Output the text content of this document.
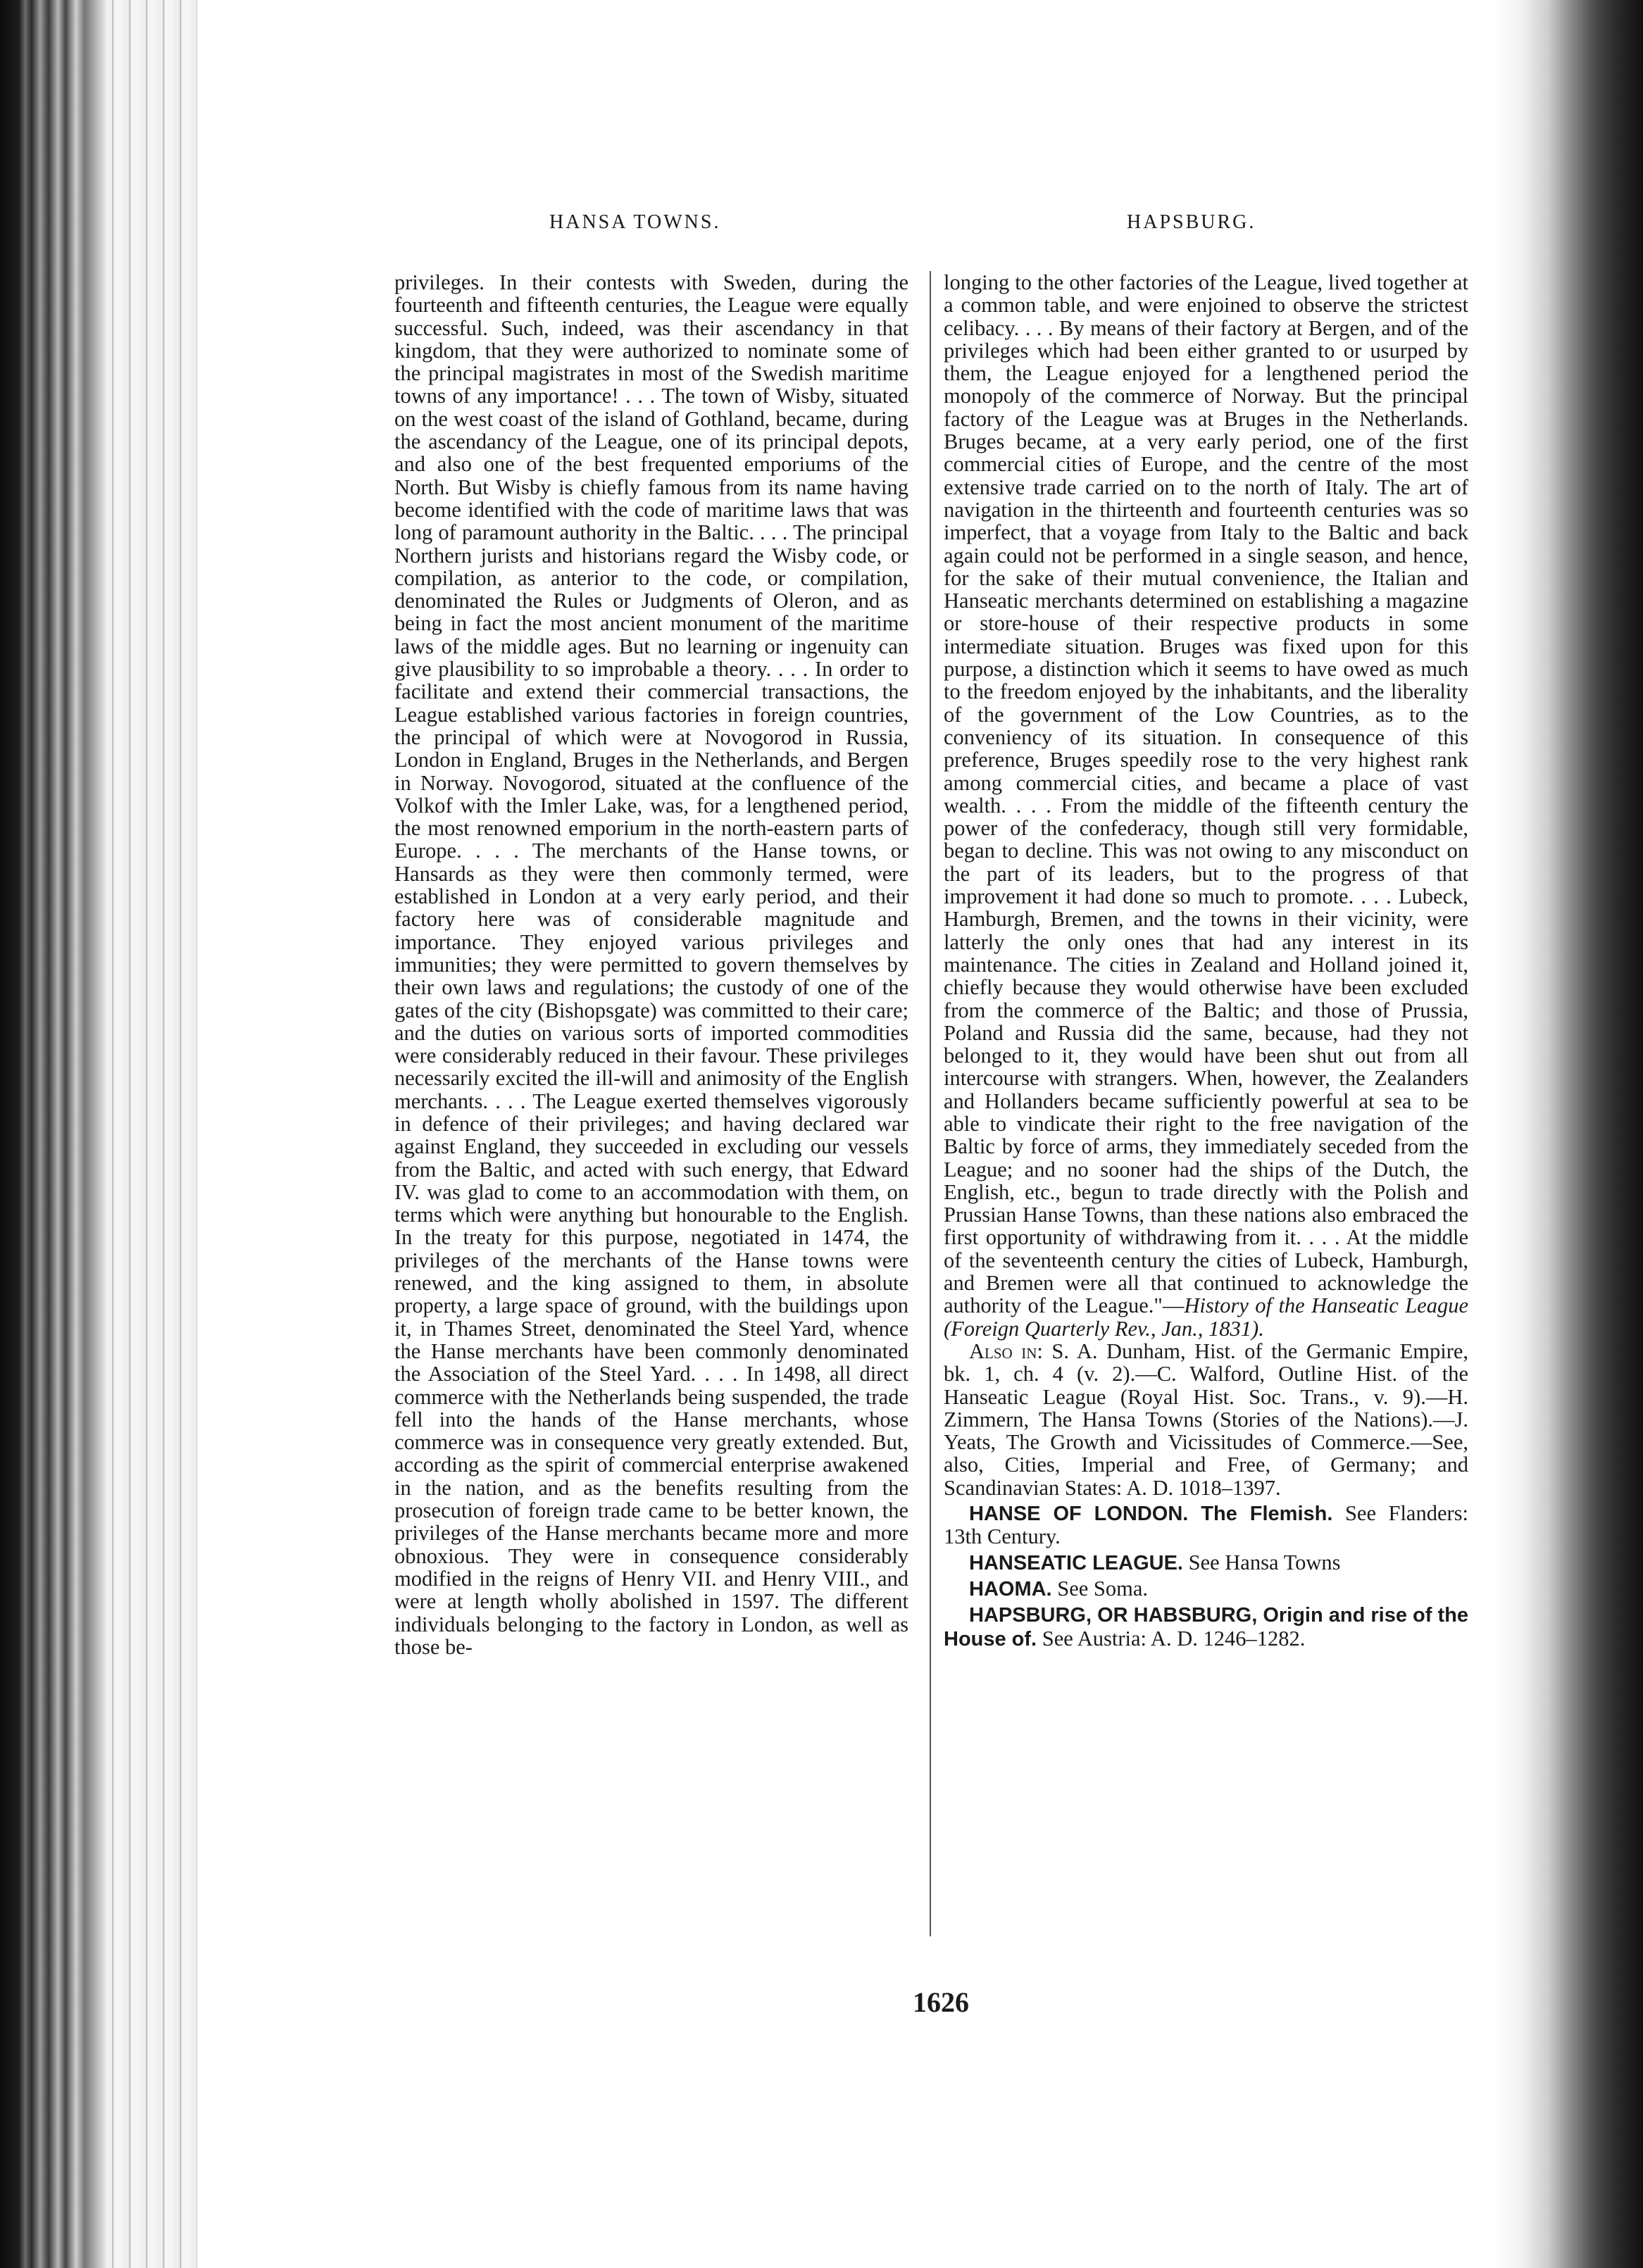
HANSA TOWNS.	HAPSBURG.

privileges. In their contests with Sweden, during the fourteenth and fifteenth centuries, the League were equally successful. Such, indeed, was their ascendancy in that kingdom, that they were authorized to nominate some of the principal magistrates in most of the Swedish maritime towns of any importance! . . . The town of Wisby, situated on the west coast of the island of Gothland, became, during the ascendancy of the League, one of its principal depots, and also one of the best frequented emporiums of the North. But Wisby is chiefly famous from its name having become identified with the code of maritime laws that was long of paramount authority in the Baltic. . . . The principal Northern jurists and historians regard the Wisby code, or compilation, as anterior to the code, or compilation, denominated the Rules or Judgments of Oleron, and as being in fact the most ancient monument of the maritime laws of the middle ages. But no learning or ingenuity can give plausibility to so improbable a theory. . . . In order to facilitate and extend their commercial transactions, the League established various factories in foreign countries, the principal of which were at Novogorod in Russia, London in England, Bruges in the Netherlands, and Bergen in Norway. Novogorod, situated at the confluence of the Volkof with the Imler Lake, was, for a lengthened period, the most renowned emporium in the north-eastern parts of Europe. . . . The merchants of the Hanse towns, or Hansards as they were then commonly termed, were established in London at a very early period, and their factory here was of considerable magnitude and importance. They enjoyed various privileges and immunities; they were permitted to govern themselves by their own laws and regulations; the custody of one of the gates of the city (Bishopsgate) was committed to their care; and the duties on various sorts of imported commodities were considerably reduced in their favour. These privileges necessarily excited the ill-will and animosity of the English merchants. . . . The League exerted themselves vigorously in defence of their privileges; and having declared war against England, they succeeded in excluding our vessels from the Baltic, and acted with such energy, that Edward IV. was glad to come to an accommodation with them, on terms which were anything but honourable to the English. In the treaty for this purpose, negotiated in 1474, the privileges of the merchants of the Hanse towns were renewed, and the king assigned to them, in absolute property, a large space of ground, with the buildings upon it, in Thames Street, denominated the Steel Yard, whence the Hanse merchants have been commonly denominated the Association of the Steel Yard. . . . In 1498, all direct commerce with the Netherlands being suspended, the trade fell into the hands of the Hanse merchants, whose commerce was in consequence very greatly extended. But, according as the spirit of commercial enterprise awakened in the nation, and as the benefits resulting from the prosecution of foreign trade came to be better known, the privileges of the Hanse merchants became more and more obnoxious. They were in consequence considerably modified in the reigns of Henry VII. and Henry VIII., and were at length wholly abolished in 1597. The different individuals belonging to the factory in London, as well as those be-

longing to the other factories of the League, lived together at a common table, and were enjoined to observe the strictest celibacy. . . . By means of their factory at Bergen, and of the privileges which had been either granted to or usurped by them, the League enjoyed for a lengthened period the monopoly of the commerce of Norway. But the principal factory of the League was at Bruges in the Netherlands. Bruges became, at a very early period, one of the first commercial cities of Europe, and the centre of the most extensive trade carried on to the north of Italy. The art of navigation in the thirteenth and fourteenth centuries was so imperfect, that a voyage from Italy to the Baltic and back again could not be performed in a single season, and hence, for the sake of their mutual convenience, the Italian and Hanseatic merchants determined on establishing a magazine or store-house of their respective products in some intermediate situation. Bruges was fixed upon for this purpose, a distinction which it seems to have owed as much to the freedom enjoyed by the inhabitants, and the liberality of the government of the Low Countries, as to the conveniency of its situation. In consequence of this preference, Bruges speedily rose to the very highest rank among commercial cities, and became a place of vast wealth. . . . From the middle of the fifteenth century the power of the confederacy, though still very formidable, began to decline. This was not owing to any misconduct on the part of its leaders, but to the progress of that improvement it had done so much to promote. . . . Lubeck, Hamburgh, Bremen, and the towns in their vicinity, were latterly the only ones that had any interest in its maintenance. The cities in Zealand and Holland joined it, chiefly because they would otherwise have been excluded from the commerce of the Baltic; and those of Prussia, Poland and Russia did the same, because, had they not belonged to it, they would have been shut out from all intercourse with strangers. When, however, the Zealanders and Hollanders became sufficiently powerful at sea to be able to vindicate their right to the free navigation of the Baltic by force of arms, they immediately seceded from the League; and no sooner had the ships of the Dutch, the English, etc., begun to trade directly with the Polish and Prussian Hanse Towns, than these nations also embraced the first opportunity of withdrawing from it. . . . At the middle of the seventeenth century the cities of Lubeck, Hamburgh, and Bremen were all that continued to acknowledge the authority of the League."—History of the Hanseatic League (Foreign Quarterly Rev., Jan., 1831).

Also in: S. A. Dunham, Hist. of the Germanic Empire, bk. 1, ch. 4 (v. 2).—C. Walford, Outline Hist. of the Hanseatic League (Royal Hist. Soc. Trans., v. 9).—H. Zimmern, The Hansa Towns (Stories of the Nations).—J. Yeats, The Growth and Vicissitudes of Commerce.—See, also, Cities, Imperial and Free, of Germany; and Scandinavian States: A. D. 1018–1397.

HANSE OF LONDON. The Flemish. See Flanders: 13th Century.

HANSEATIC LEAGUE. See Hansa Towns

HAOMA. See Soma.

HAPSBURG, OR HABSBURG, Origin and rise of the House of. See Austria: A. D. 1246–1282.

1626
